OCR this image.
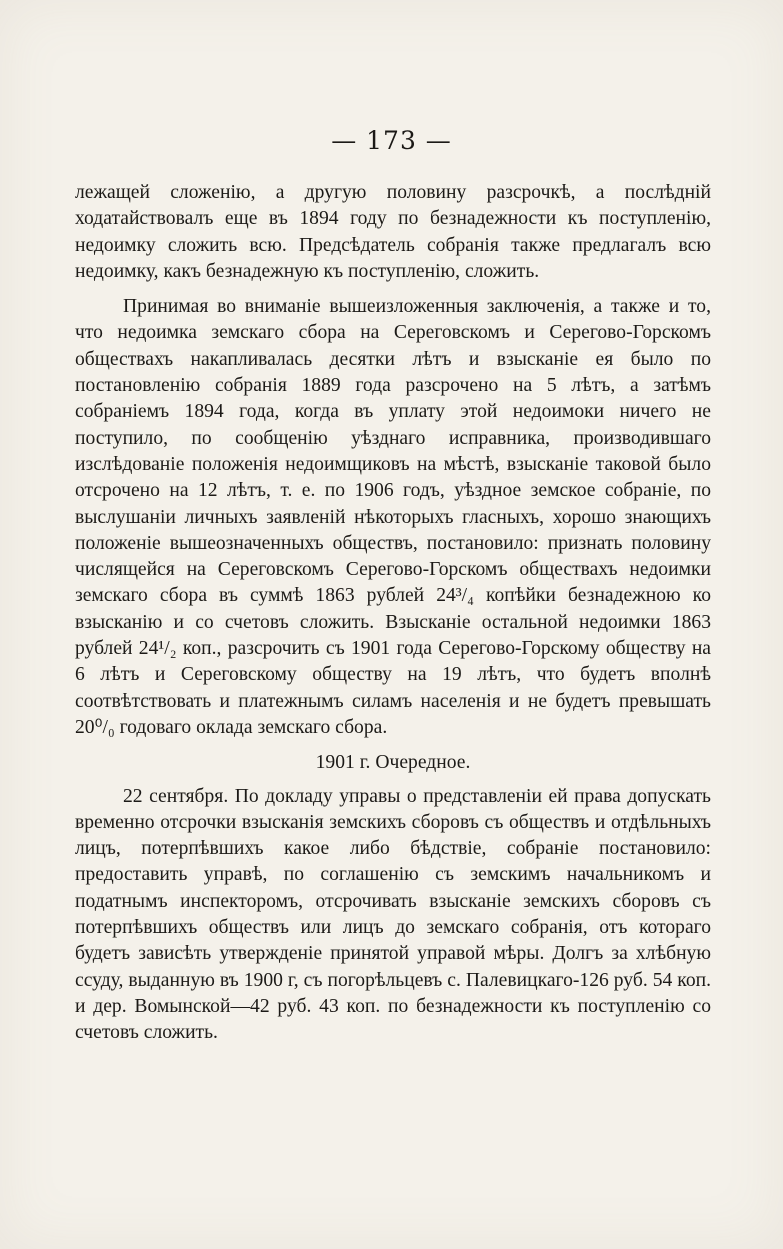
— 173 —

лежащей сложенію, а другую половину разсрочкѣ, а послѣдній ходатайствовалъ еще въ 1894 году по безнадежности къ поступленію, недоимку сложить всю. Предсѣдатель собранія также предлагалъ всю недоимку, какъ безнадежную къ поступленію, сложить.

Принимая во вниманіе вышеизложенныя заключенія, а также и то, что недоимка земскаго сбора на Сереговскомъ и Серегово-Горскомъ обществахъ накапливалась десятки лѣтъ и взысканіе ея было по постановленію собранія 1889 года разсрочено на 5 лѣтъ, а затѣмъ собраніемъ 1894 года, когда въ уплату этой недоимоки ничего не поступило, по сообщенію уѣзднаго исправника, производившаго изслѣдованіе положенія недоимщиковъ на мѣстѣ, взысканіе таковой было отсрочено на 12 лѣтъ, т. е. по 1906 годъ, уѣздное земское собраніе, по выслушаніи личныхъ заявленій нѣкоторыхъ гласныхъ, хорошо знающихъ положеніе вышеозначенныхъ обществъ, постановило: признать половину числящейся на Сереговскомъ Серегово-Горскомъ обществахъ недоимки земскаго сбора въ суммѣ 1863 рублей 24³/₄ копѣйки безнадежною ко взысканію и со счетовъ сложить. Взысканіе остальной недоимки 1863 рублей 24¹/₂ коп., разсрочить съ 1901 года Серегово-Горскому обществу на 6 лѣтъ и Сереговскому обществу на 19 лѣтъ, что будетъ вполнѣ соотвѣтствовать и платежнымъ силамъ населенія и не будетъ превышать 20⁰/₀ годоваго оклада земскаго сбора.

1901 г. Очередное.

22 сентября. По докладу управы о представленіи ей права допускать временно отсрочки взысканія земскихъ сборовъ съ обществъ и отдѣльныхъ лицъ, потерпѣвшихъ какое либо бѣдствіе, собраніе постановило: предоставить управѣ, по соглашенію съ земскимъ начальникомъ и податнымъ инспекторомъ, отсрочивать взысканіе земскихъ сборовъ съ потерпѣвшихъ обществъ или лицъ до земскаго собранія, отъ котораго будетъ зависѣть утвержденіе принятой управой мѣры. Долгъ за хлѣбную ссуду, выданную въ 1900 г, съ погорѣльцевъ с. Палевицкаго-126 руб. 54 коп. и дер. Вомынской—42 руб. 43 коп. по безнадежности къ поступленію со счетовъ сложить.
